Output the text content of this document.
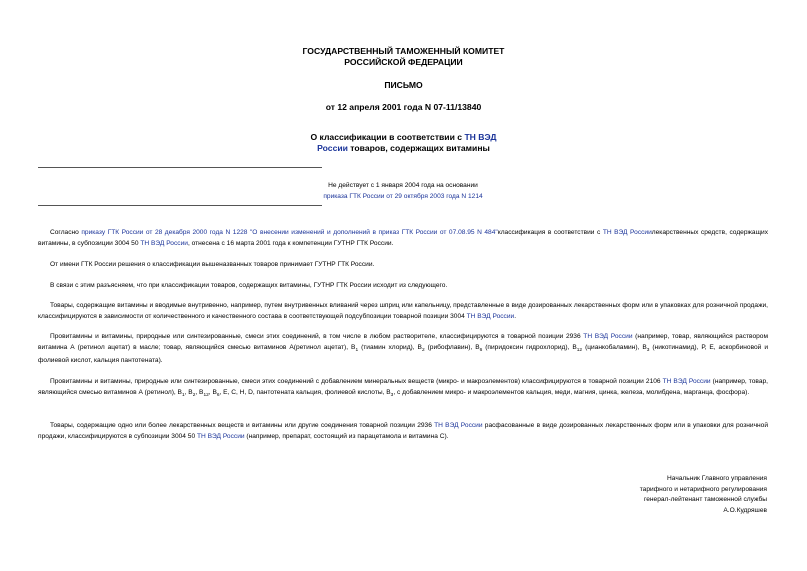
ГОСУДАРСТВЕННЫЙ ТАМОЖЕННЫЙ КОМИТЕТ
РОССИЙСКОЙ ФЕДЕРАЦИИ
ПИСЬМО
от 12 апреля 2001 года N 07-11/13840
О классификации в соответствии с ТН ВЭД
России товаров, содержащих витамины
Не действует с 1 января 2004 года на основании
приказа ГТК России от 29 октября 2003 года N 1214
Согласно приказу ГТК России от 28 декабря 2000 года N 1228 "О внесении изменений и дополнений в приказ ГТК России от 07.08.95 N 484"классификация в соответствии с ТН ВЭД Россиилекарственных средств, содержащих витамины, в субпозиции 3004 50 ТН ВЭД России, отнесена с 16 марта 2001 года к компетенции ГУТНР ГТК России.
От имени ГТК России решения о классификации вышеназванных товаров принимает ГУТНР ГТК России.
В связи с этим разъясняем, что при классификации товаров, содержащих витамины, ГУТНР ГТК России исходит из следующего.
Товары, содержащие витамины и вводимые внутривенно, например, путем внутривенных вливаний через шприц или капельницу, представленные в виде дозированных лекарственных форм или в упаковках для розничной продажи, классифицируются в зависимости от количественного и качественного состава в соответствующей подсубпозиции товарной позиции 3004 ТН ВЭД России.
Провитамины и витамины, природные или синтезированные, смеси этих соединений, в том числе в любом растворителе, классифицируются в товарной позиции 2936 ТН ВЭД России (например, товар, являющийся раствором витамина А (ретинол ацетат) в масле; товар, являющийся смесью витаминов А(ретинол ацетат), $В_1$ (тиамин хлорид), $В_2$ (рибофлавин), $В_6$ (пиридоксин гидрохлорид), $В_{12}$ (цианкобаламин), $В_3$ (никотинамид), Р, Е, аскорбиновой и фолиевой кислот, кальция пантотената).
Провитамины и витамины, природные или синтезированные, смеси этих соединений с добавлением минеральных веществ (микро- и макроэлементов) классифицируются в товарной позиции 2106 ТН ВЭД России (например, товар, являющийся смесью витаминов А (ретинол), $В_1$, $В_2$, $В_{12}$, $В_6$, Е, С, Н, D, пантотената кальция, фолиевой кислоты, $В_3$, с добавлением микро- и макроэлементов кальция, меди, магния, цинка, железа, молибдена, марганца, фосфора).
Товары, содержащие одно или более лекарственных веществ и витамины или другие соединения товарной позиции 2936 ТН ВЭД России расфасованные в виде дозированных лекарственных форм или в упаковки для розничной продажи, классифицируются в субпозиции 3004 50 ТН ВЭД России (например, препарат, состоящий из парацетамола и витамина С).
Начальник Главного управления
тарифного и нетарифного регулирования
генерал-лейтенант таможенной службы
А.О.Кудряшев
